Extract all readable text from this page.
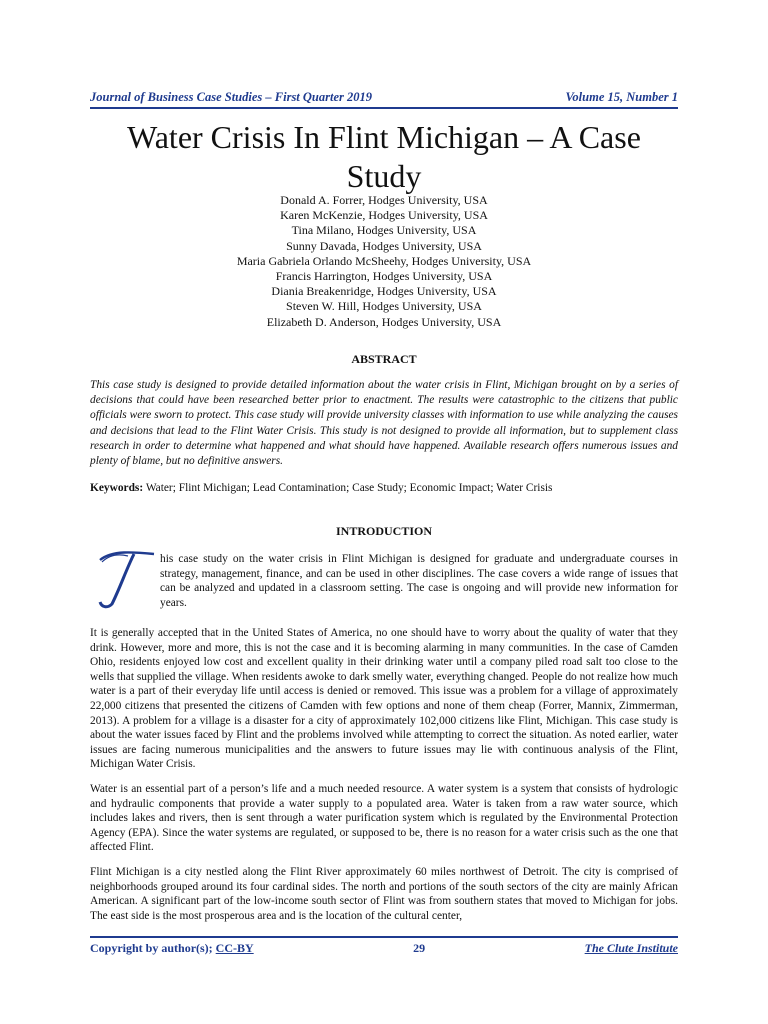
Journal of Business Case Studies – First Quarter 2019	Volume 15, Number 1
Water Crisis In Flint Michigan – A Case Study
Donald A. Forrer, Hodges University, USA
Karen McKenzie, Hodges University, USA
Tina Milano, Hodges University, USA
Sunny Davada, Hodges University, USA
Maria Gabriela Orlando McSheehy, Hodges University, USA
Francis Harrington, Hodges University, USA
Diania Breakenridge, Hodges University, USA
Steven W. Hill, Hodges University, USA
Elizabeth D. Anderson, Hodges University, USA
ABSTRACT

This case study is designed to provide detailed information about the water crisis in Flint, Michigan brought on by a series of decisions that could have been researched better prior to enactment. The results were catastrophic to the citizens that public officials were sworn to protect. This case study will provide university classes with information to use while analyzing the causes and decisions that lead to the Flint Water Crisis. This study is not designed to provide all information, but to supplement class research in order to determine what happened and what should have happened. Available research offers numerous issues and plenty of blame, but no definitive answers.

Keywords: Water; Flint Michigan; Lead Contamination; Case Study; Economic Impact; Water Crisis

INTRODUCTION

his case study on the water crisis in Flint Michigan is designed for graduate and undergraduate courses in strategy, management, finance, and can be used in other disciplines. The case covers a wide range of issues that can be analyzed and updated in a classroom setting. The case is ongoing and will provide new information for years.

It is generally accepted that in the United States of America, no one should have to worry about the quality of water that they drink. However, more and more, this is not the case and it is becoming alarming in many communities. In the case of Camden Ohio, residents enjoyed low cost and excellent quality in their drinking water until a company piled road salt too close to the wells that supplied the village. When residents awoke to dark smelly water, everything changed. People do not realize how much water is a part of their everyday life until access is denied or removed. This issue was a problem for a village of approximately 22,000 citizens that presented the citizens of Camden with few options and none of them cheap (Forrer, Mannix, Zimmerman, 2013). A problem for a village is a disaster for a city of approximately 102,000 citizens like Flint, Michigan. This case study is about the water issues faced by Flint and the problems involved while attempting to correct the situation. As noted earlier, water issues are facing numerous municipalities and the answers to future issues may lie with continuous analysis of the Flint, Michigan Water Crisis.

Water is an essential part of a person’s life and a much needed resource. A water system is a system that consists of hydrologic and hydraulic components that provide a water supply to a populated area. Water is taken from a raw water source, which includes lakes and rivers, then is sent through a water purification system which is regulated by the Environmental Protection Agency (EPA). Since the water systems are regulated, or supposed to be, there is no reason for a water crisis such as the one that affected Flint.

Flint Michigan is a city nestled along the Flint River approximately 60 miles northwest of Detroit. The city is comprised of neighborhoods grouped around its four cardinal sides. The north and portions of the south sectors of the city are mainly African American. A significant part of the low-income south sector of Flint was from southern states that moved to Michigan for jobs. The east side is the most prosperous area and is the location of the cultural center,

Copyright by author(s); CC-BY	29	The Clute Institute
